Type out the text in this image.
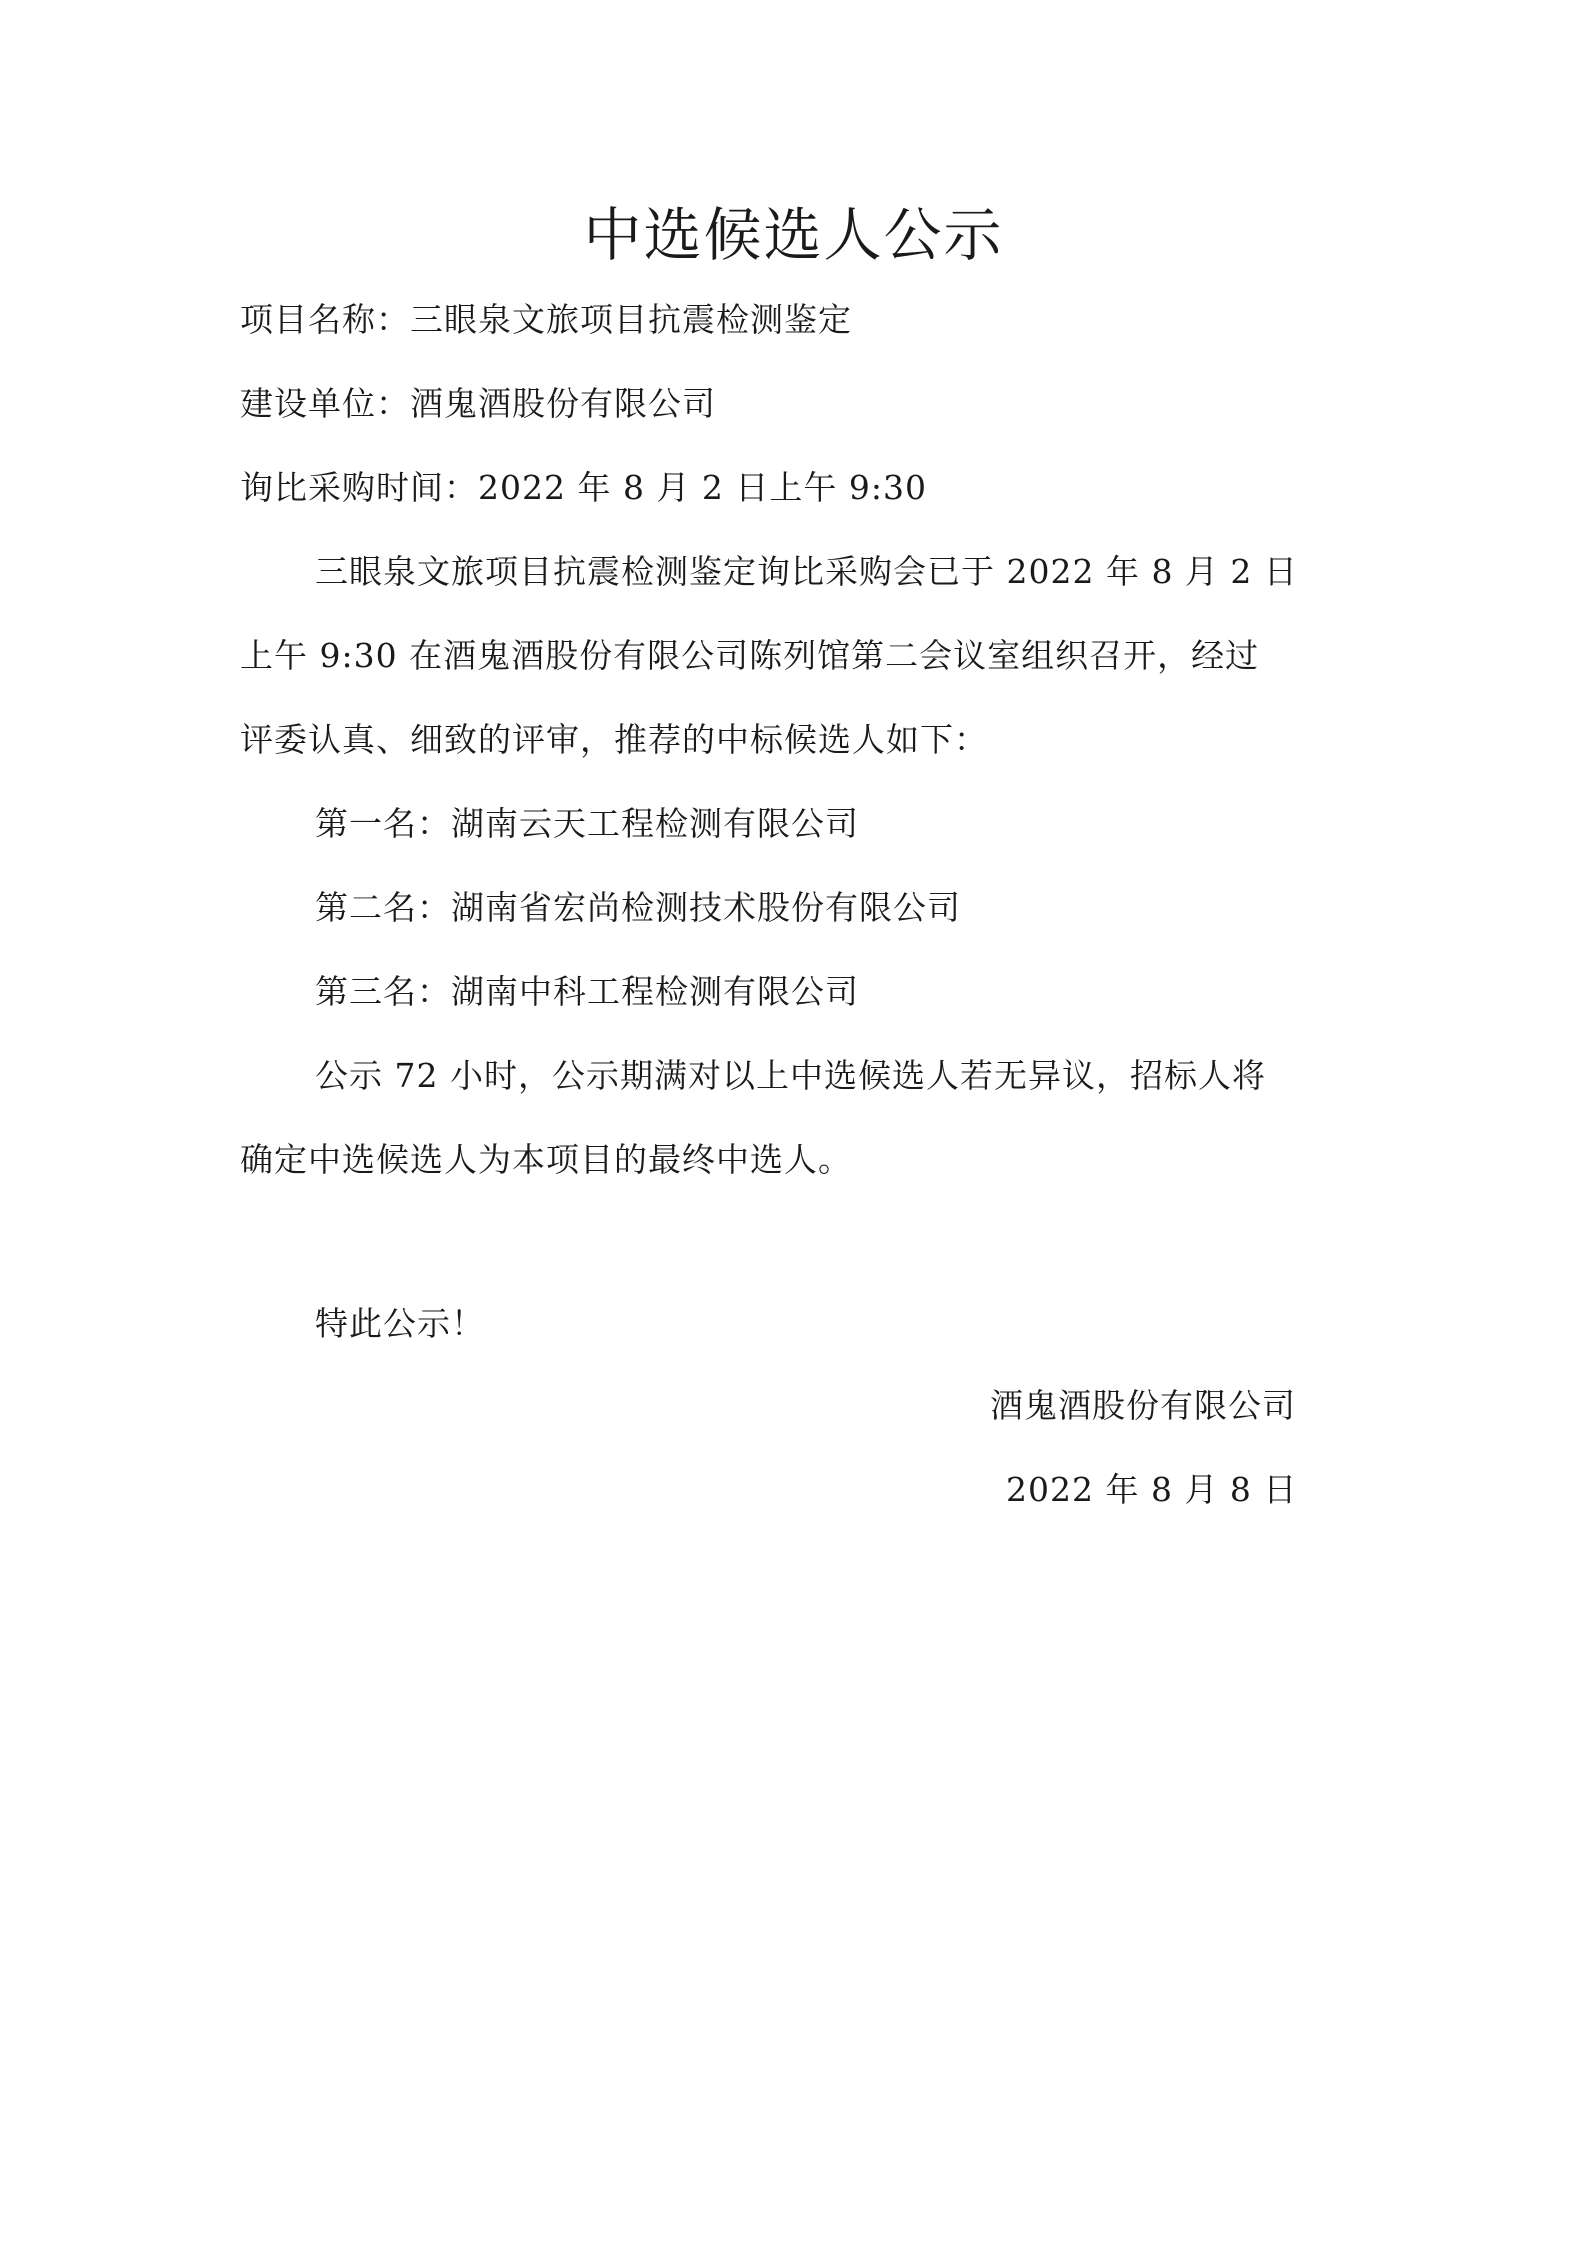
中选候选人公示
项目名称：三眼泉文旅项目抗震检测鉴定
建设单位：酒鬼酒股份有限公司
询比采购时间：2022 年 8 月 2 日上午 9:30
三眼泉文旅项目抗震检测鉴定询比采购会已于 2022 年 8 月 2 日
上午 9:30 在酒鬼酒股份有限公司陈列馆第二会议室组织召开，经过
评委认真、细致的评审，推荐的中标候选人如下：
第一名：湖南云天工程检测有限公司
第二名：湖南省宏尚检测技术股份有限公司
第三名：湖南中科工程检测有限公司
公示 72 小时，公示期满对以上中选候选人若无异议，招标人将
确定中选候选人为本项目的最终中选人。
特此公示！
酒鬼酒股份有限公司
2022 年 8 月 8 日
